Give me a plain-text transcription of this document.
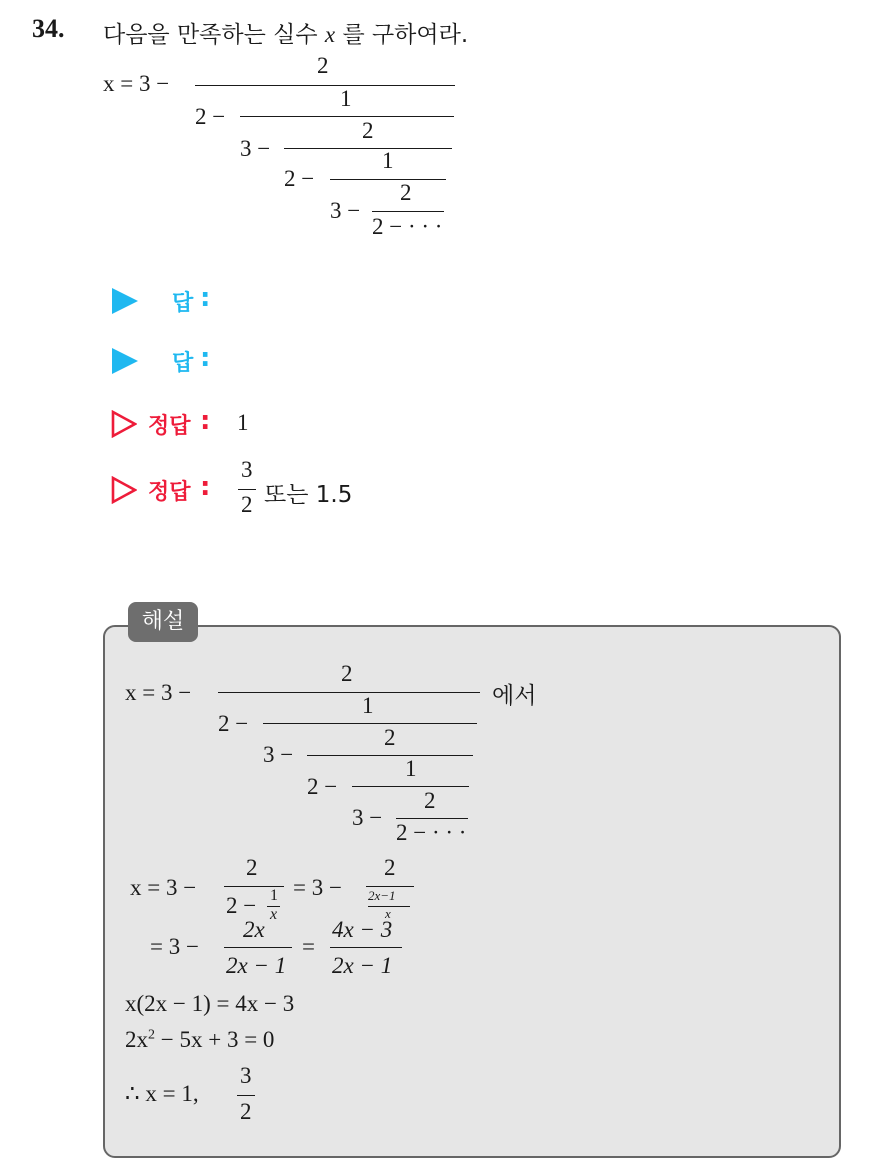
34. 다음을 만족하는 실수 x 를 구하여라.
x = 3 −
2
2 −
1
3 −
2
2 −
1
3 −
2
2 − · · ·
답 :
답 :
정답 : 1
정답 :
3
2 또는 1.5
해설
x = 3 −
2
2 −
1
3 −
2
2 −
1
3 −
2
2 − · · ·
에서
x = 3 −
2
2 − 1
x
= 3 −
2
2x−1
x
= 3 −
2x
2x − 1
=
4x − 3
2x − 1
x(2x − 1) = 4x − 3
$2x^2 - 5x + 3 = 0$
∴ x = 1,
3
2
